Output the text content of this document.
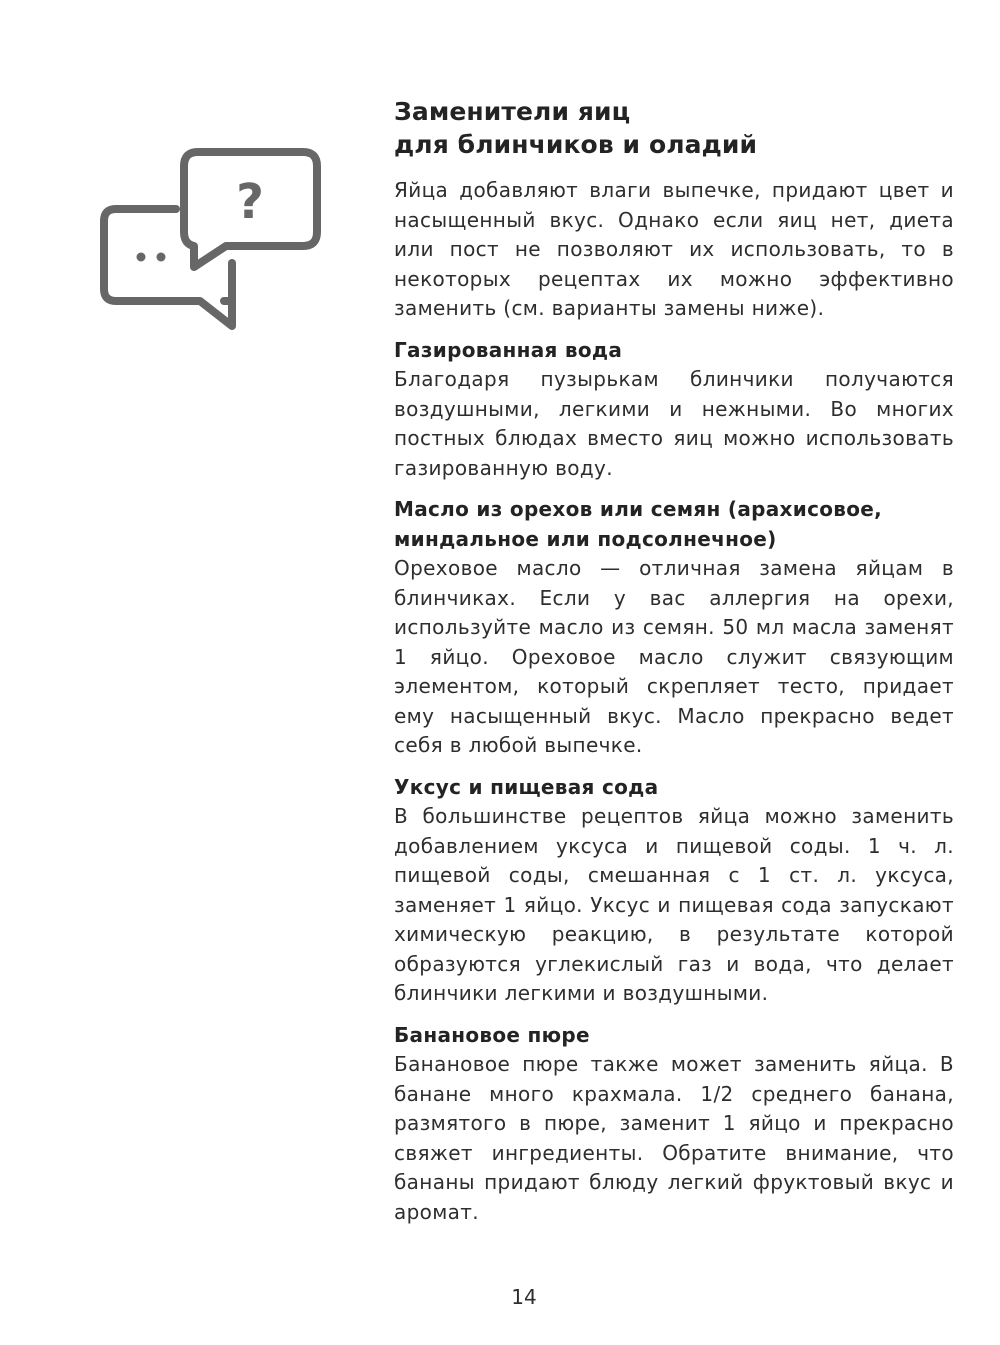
?
Заменители яиц
для блинчиков и оладий

Яйца добавляют влаги выпечке, придают цвет и насыщенный вкус. Однако если яиц нет, диета или пост не позволяют их использовать, то в некоторых рецептах их можно эффективно заменить (см. варианты замены ниже).

Газированная вода

Благодаря пузырькам блинчики получаются воздушными, легкими и нежными. Во многих постных блюдах вместо яиц можно использовать газированную воду.

Масло из орехов или семян (арахисовое, миндальное или подсолнечное)

Ореховое масло — отличная замена яйцам в блинчиках. Если у вас аллергия на орехи, используйте масло из семян. 50 мл масла заменят 1 яйцо. Ореховое масло служит связующим элементом, который скрепляет тесто, придает ему насыщенный вкус. Масло прекрасно ведет себя в любой выпечке.

Уксус и пищевая сода

В большинстве рецептов яйца можно заменить добавлением уксуса и пищевой соды. 1 ч. л. пищевой соды, смешанная с 1 ст. л. уксуса, заменяет 1 яйцо. Уксус и пищевая сода запускают химическую реакцию, в результате которой образуются углекислый газ и вода, что делает блинчики легкими и воздушными.

Банановое пюре

Банановое пюре также может заменить яйца. В банане много крахмала. 1/2 среднего банана, размятого в пюре, заменит 1 яйцо и прекрасно свяжет ингредиенты. Обратите внимание, что бананы придают блюду легкий фруктовый вкус и аромат.

14
